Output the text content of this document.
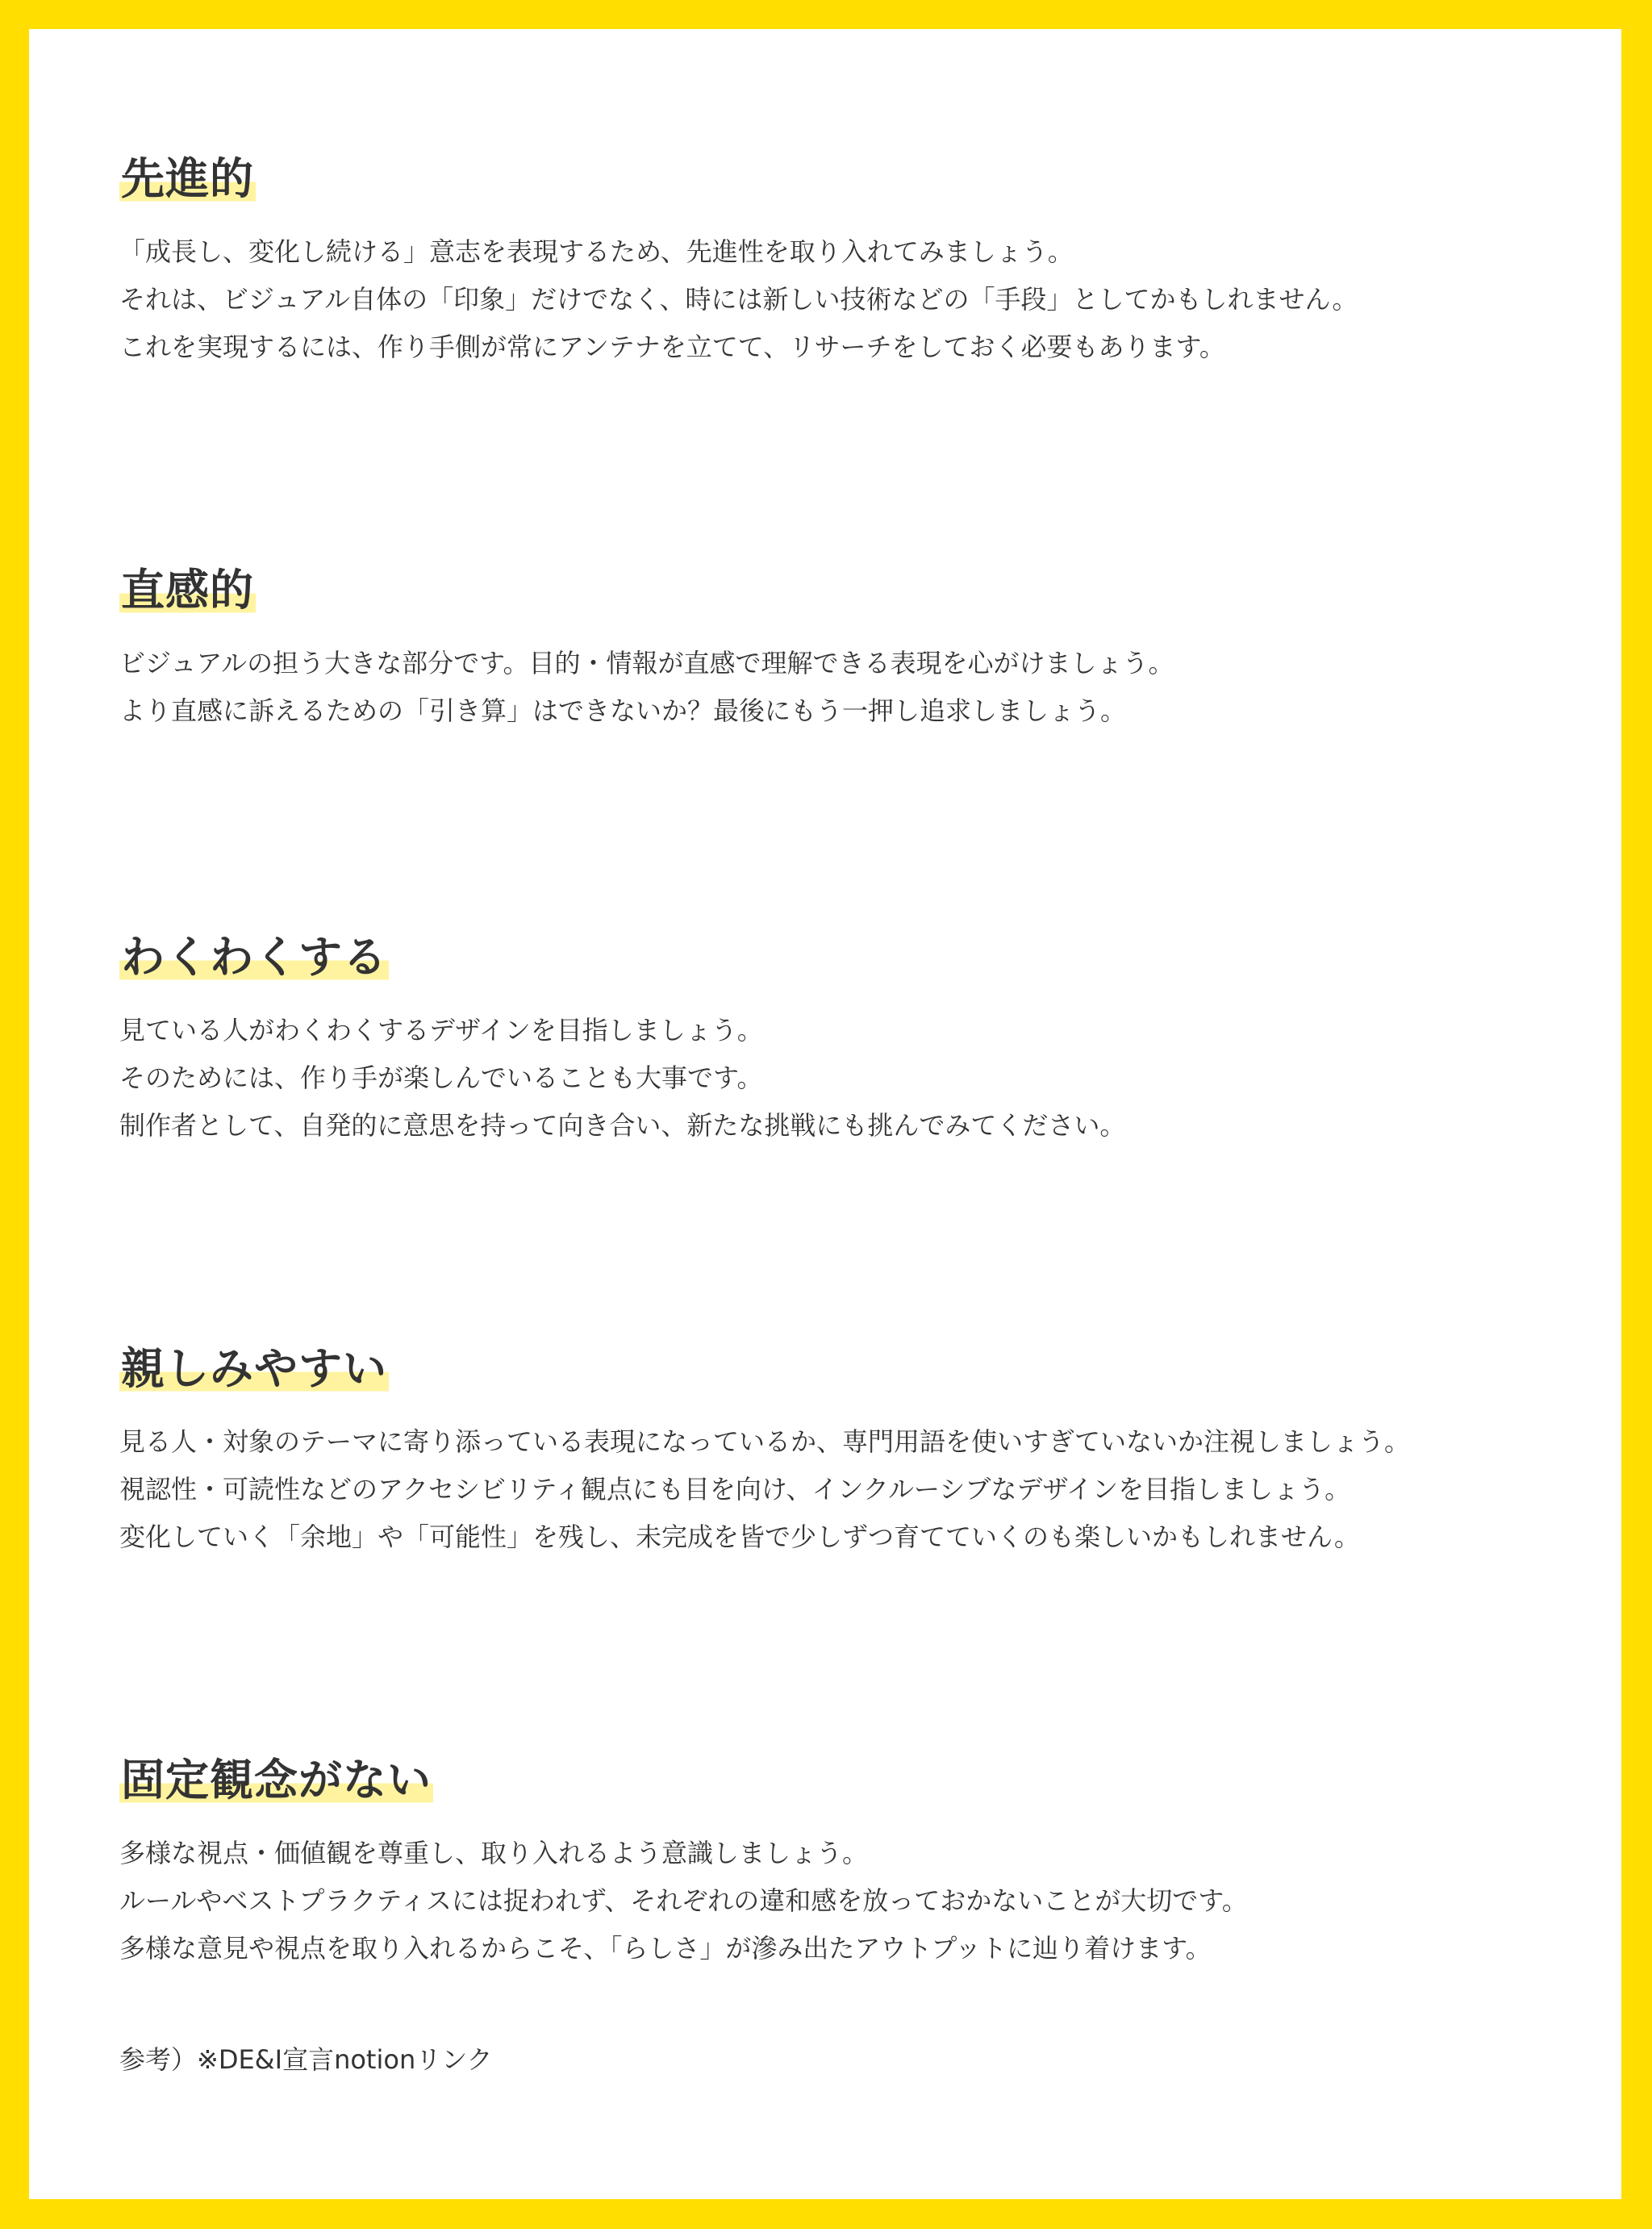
先進的
「成長し、変化し続ける」意志を表現するため、先進性を取り入れてみましょう。
それは、ビジュアル自体の「印象」だけでなく、時には新しい技術などの「手段」としてかもしれません。
これを実現するには、作り手側が常にアンテナを立てて、リサーチをしておく必要もあります。
直感的
ビジュアルの担う大きな部分です。目的・情報が直感で理解できる表現を心がけましょう。
より直感に訴えるための「引き算」はできないか？最後にもう一押し追求しましょう。
わくわくする
見ている人がわくわくするデザインを目指しましょう。
そのためには、作り手が楽しんでいることも大事です。
制作者として、自発的に意思を持って向き合い、新たな挑戦にも挑んでみてください。
親しみやすい
見る人・対象のテーマに寄り添っている表現になっているか、専門用語を使いすぎていないか注視しましょう。
視認性・可読性などのアクセシビリティ観点にも目を向け、インクルーシブなデザインを目指しましょう。
変化していく「余地」や「可能性」を残し、未完成を皆で少しずつ育てていくのも楽しいかもしれません。
固定観念がない
多様な視点・価値観を尊重し、取り入れるよう意識しましょう。
ルールやベストプラクティスには捉われず、それぞれの違和感を放っておかないことが大切です。
多様な意見や視点を取り入れるからこそ、「らしさ」が滲み出たアウトプットに辿り着けます。
参考）※DE&I宣言notionリンク
